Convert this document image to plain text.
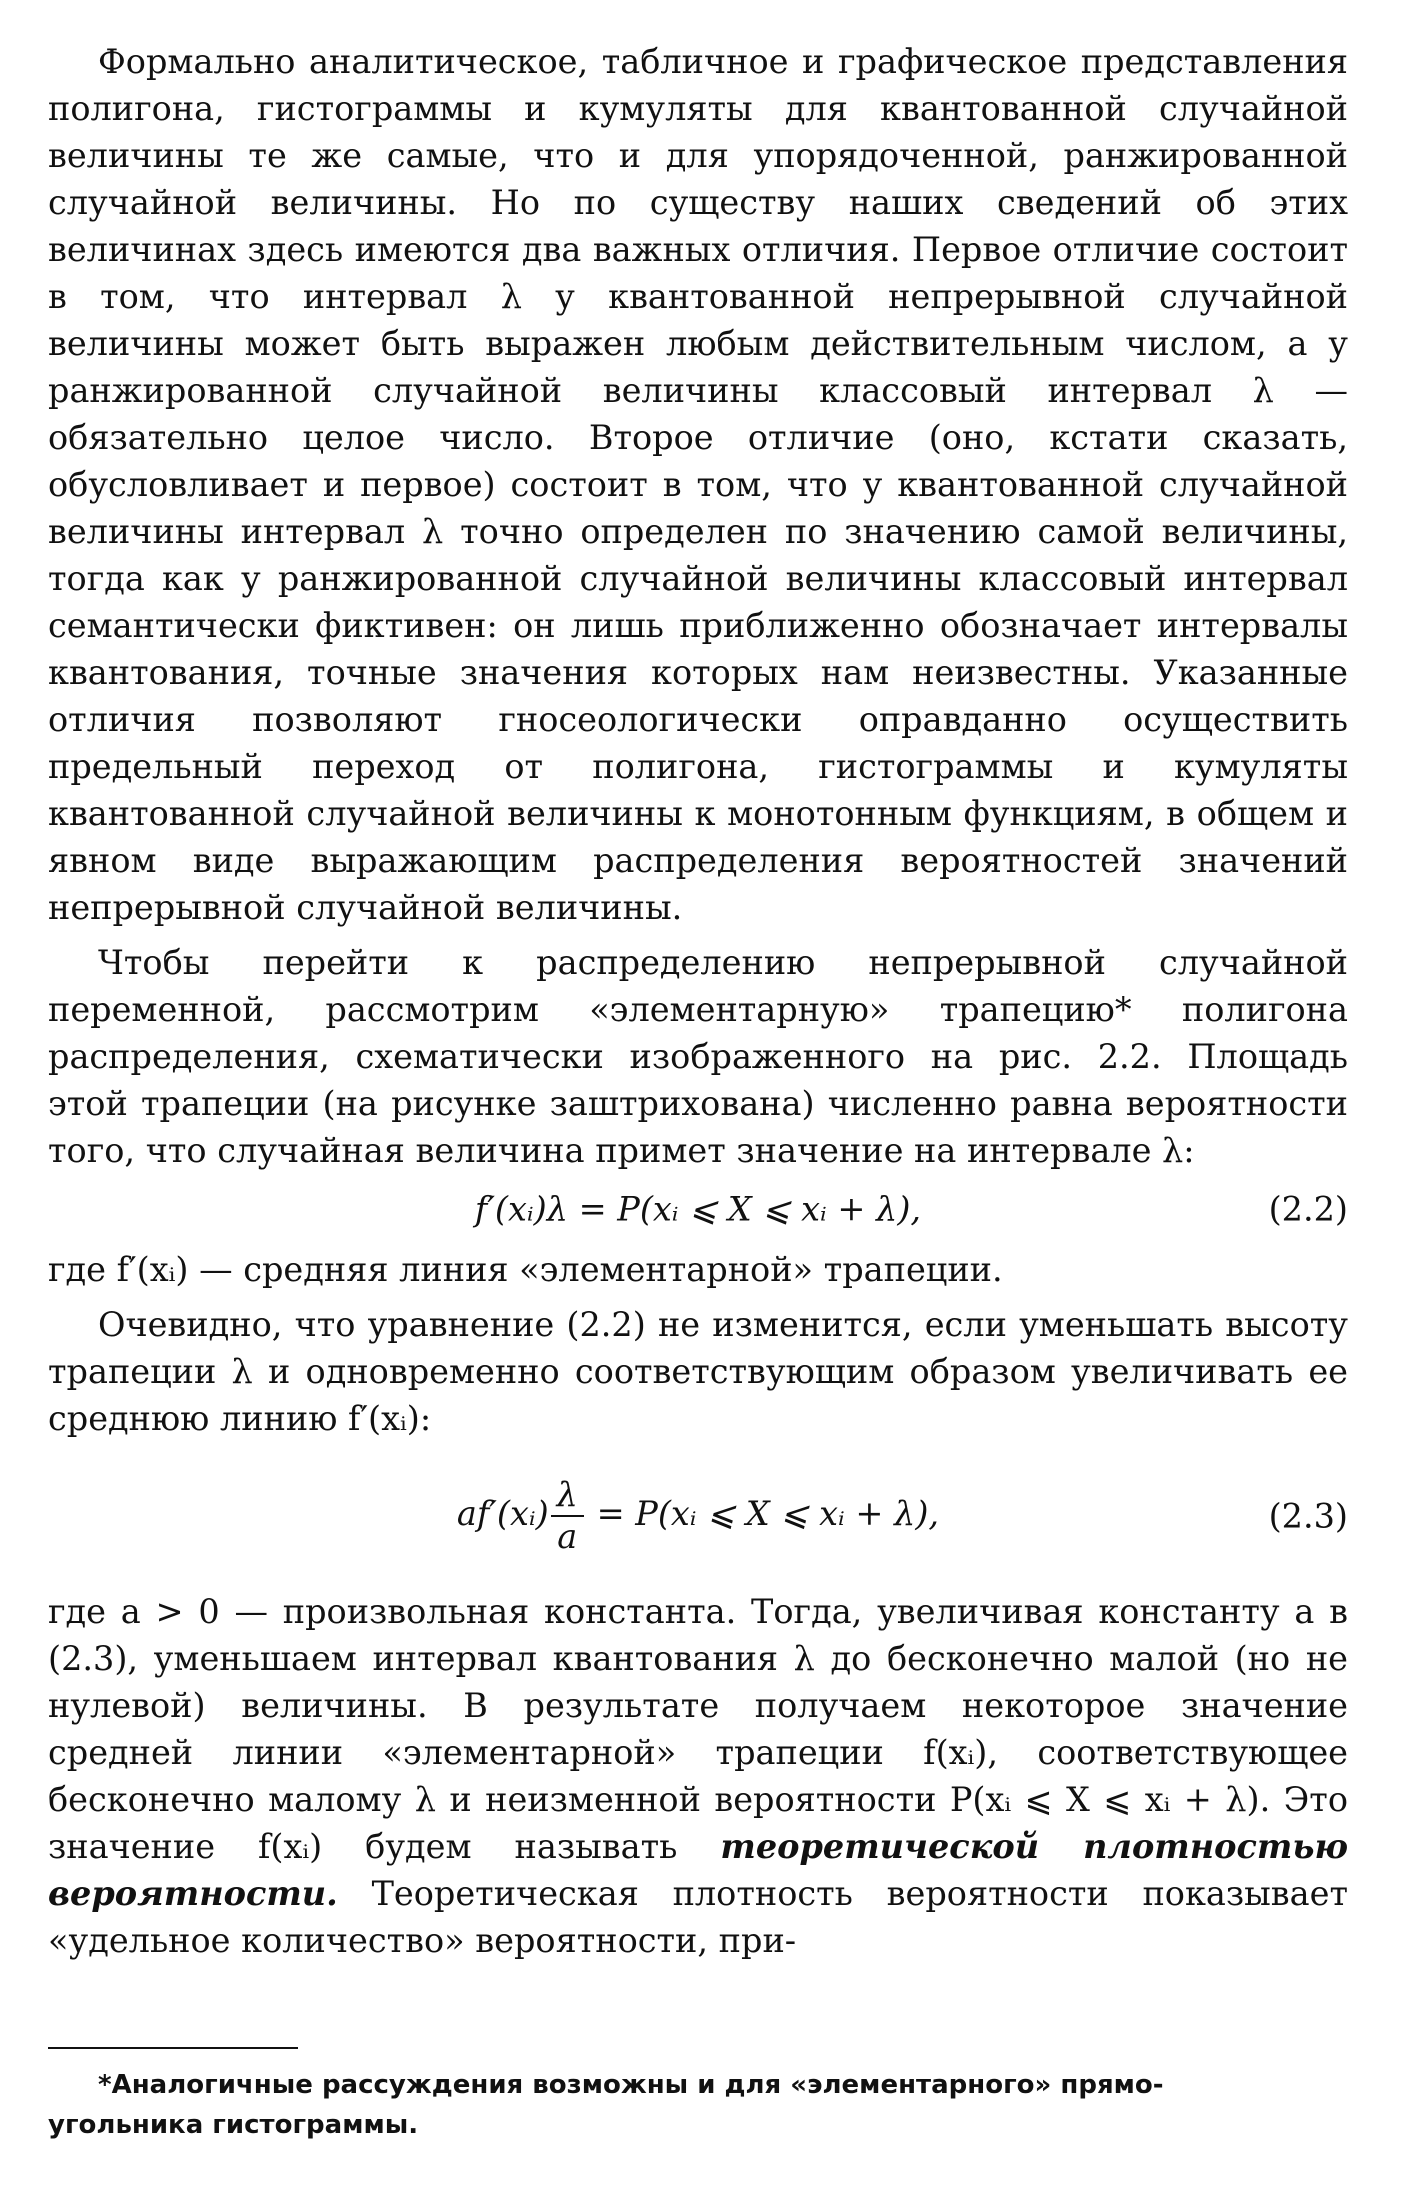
Формально аналитическое, табличное и графическое представления полигона, гистограммы и кумуляты для квантованной случайной величины те же самые, что и для упорядоченной, ранжированной случайной величины. Но по существу наших сведений об этих величинах здесь имеются два важных отличия. Первое отличие состоит в том, что интервал λ у квантованной непрерывной случайной величины может быть выражен любым действительным числом, а у ранжированной случайной величины классовый интервал λ — обязательно целое число. Второе отличие (оно, кстати сказать, обусловливает и первое) состоит в том, что у квантованной случайной величины интервал λ точно определен по значению самой величины, тогда как у ранжированной случайной величины классовый интервал семантически фиктивен: он лишь приближенно обозначает интервалы квантования, точные значения которых нам неизвестны. Указанные отличия позволяют гносеологически оправданно осуществить предельный переход от полигона, гистограммы и кумуляты квантованной случайной величины к монотонным функциям, в общем и явном виде выражающим распределения вероятностей значений непрерывной случайной величины.

Чтобы перейти к распределению непрерывной случайной переменной, рассмотрим «элементарную» трапецию* полигона распределения, схематически изображенного на рис. 2.2. Площадь этой трапеции (на рисунке заштрихована) численно равна вероятности того, что случайная величина примет значение на интервале λ:

f′(xᵢ)λ = P(xᵢ ⩽ X ⩽ xᵢ + λ),	(2.2)

где f′(xᵢ) — средняя линия «элементарной» трапеции.

Очевидно, что уравнение (2.2) не изменится, если уменьшать высоту трапеции λ и одновременно соответствующим образом увеличивать ее среднюю линию f′(xᵢ):

af′(xᵢ) $\frac{\lambda}{a}$ = P(xᵢ ⩽ X ⩽ xᵢ + λ),	(2.3)

где a > 0 — произвольная константа. Тогда, увеличивая константу a в (2.3), уменьшаем интервал квантования λ до бесконечно малой (но не нулевой) величины. В результате получаем некоторое значение средней линии «элементарной» трапеции f(xᵢ), соответствующее бесконечно малому λ и неизменной вероятности P(xᵢ ⩽ X ⩽ xᵢ + λ). Это значение f(xᵢ) будем называть теоретической плотностью вероятности. Теоретическая плотность вероятности показывает «удельное количество» вероятности, при-

*Аналогичные рассуждения возможны и для «элементарного» прямо-
угольника гистограммы.
